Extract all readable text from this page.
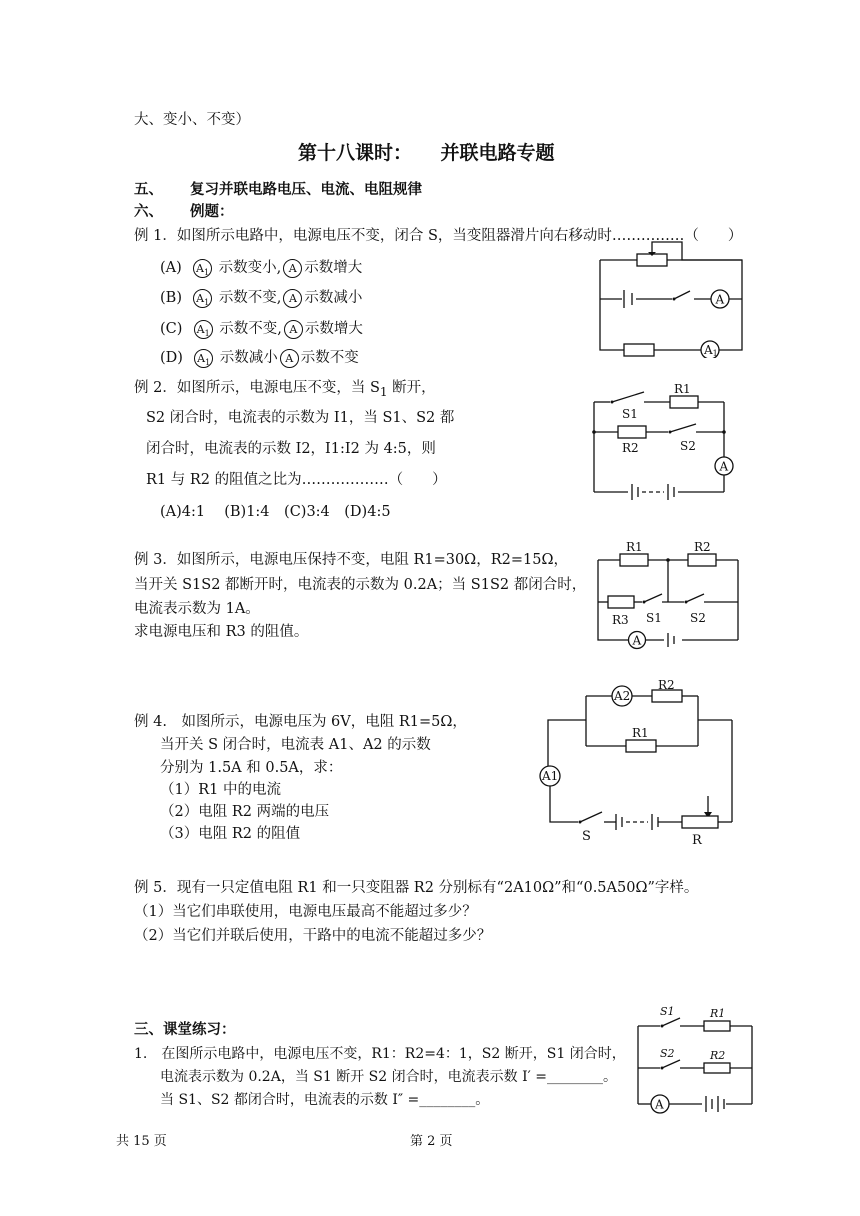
大、变小、不变）
第十八课时：　　并联电路专题
五、 复习并联电路电压、电流、电阻规律
六、 例题：
例 1．如图所示电路中，电源电压不变，闭合 S，当变阻器滑片向右移动时……………（　　）
(A) $A_1$ 示数变小, A 示数增大
(B) $A_1$ 示数不变, A 示数减小
(C) $A_1$ 示数不变, A 示数增大
(D) $A_1$ 示数减小 A 示数不变
例 2．如图所示，电源电压不变，当 $S_1$ 断开，
S2 闭合时，电流表的示数为 I1，当 S1、S2 都
闭合时，电流表的示数 I2，I1:I2 为 4:5，则
R1 与 R2 的阻值之比为………………（　　）
(A)4:1　 (B)1:4　(C)3:4　(D)4:5
例 3．如图所示，电源电压保持不变，电阻 R1=30Ω，R2=15Ω，
当开关 S1S2 都断开时，电流表的示数为 0.2A；当 S1S2 都闭合时，
电流表示数为 1A。
求电源电压和 R3 的阻值。
例 4.　如图所示，电源电压为 6V，电阻 R1=5Ω，
当开关 S 闭合时，电流表 A1、A2 的示数
分别为 1.5A 和 0.5A，求：
（1）R1 中的电流
（2）电阻 R2 两端的电压
（3）电阻 R2 的阻值
例 5．现有一只定值电阻 R1 和一只变阻器 R2 分别标有“2A10Ω”和“0.5A50Ω”字样。
（1）当它们串联使用，电源电压最高不能超过多少？
（2）当它们并联后使用，干路中的电流不能超过多少？
三、课堂练习：
1.　在图所示电路中，电源电压不变，R1：R2=4：1，S2 断开，S1 闭合时，
电流表示数为 0.2A，当 S1 断开 S2 闭合时，电流表示数 I′ =________。
当 S1、S2 都闭合时，电流表的示数 I″ =________。
共 15 页	第 2 页
A
A1
A
R1
S1
R2	S2
A
R1	R2
R3 S1 S2
A2
A1
R2
R1
S	R
A
S1	R1
S2	R2
